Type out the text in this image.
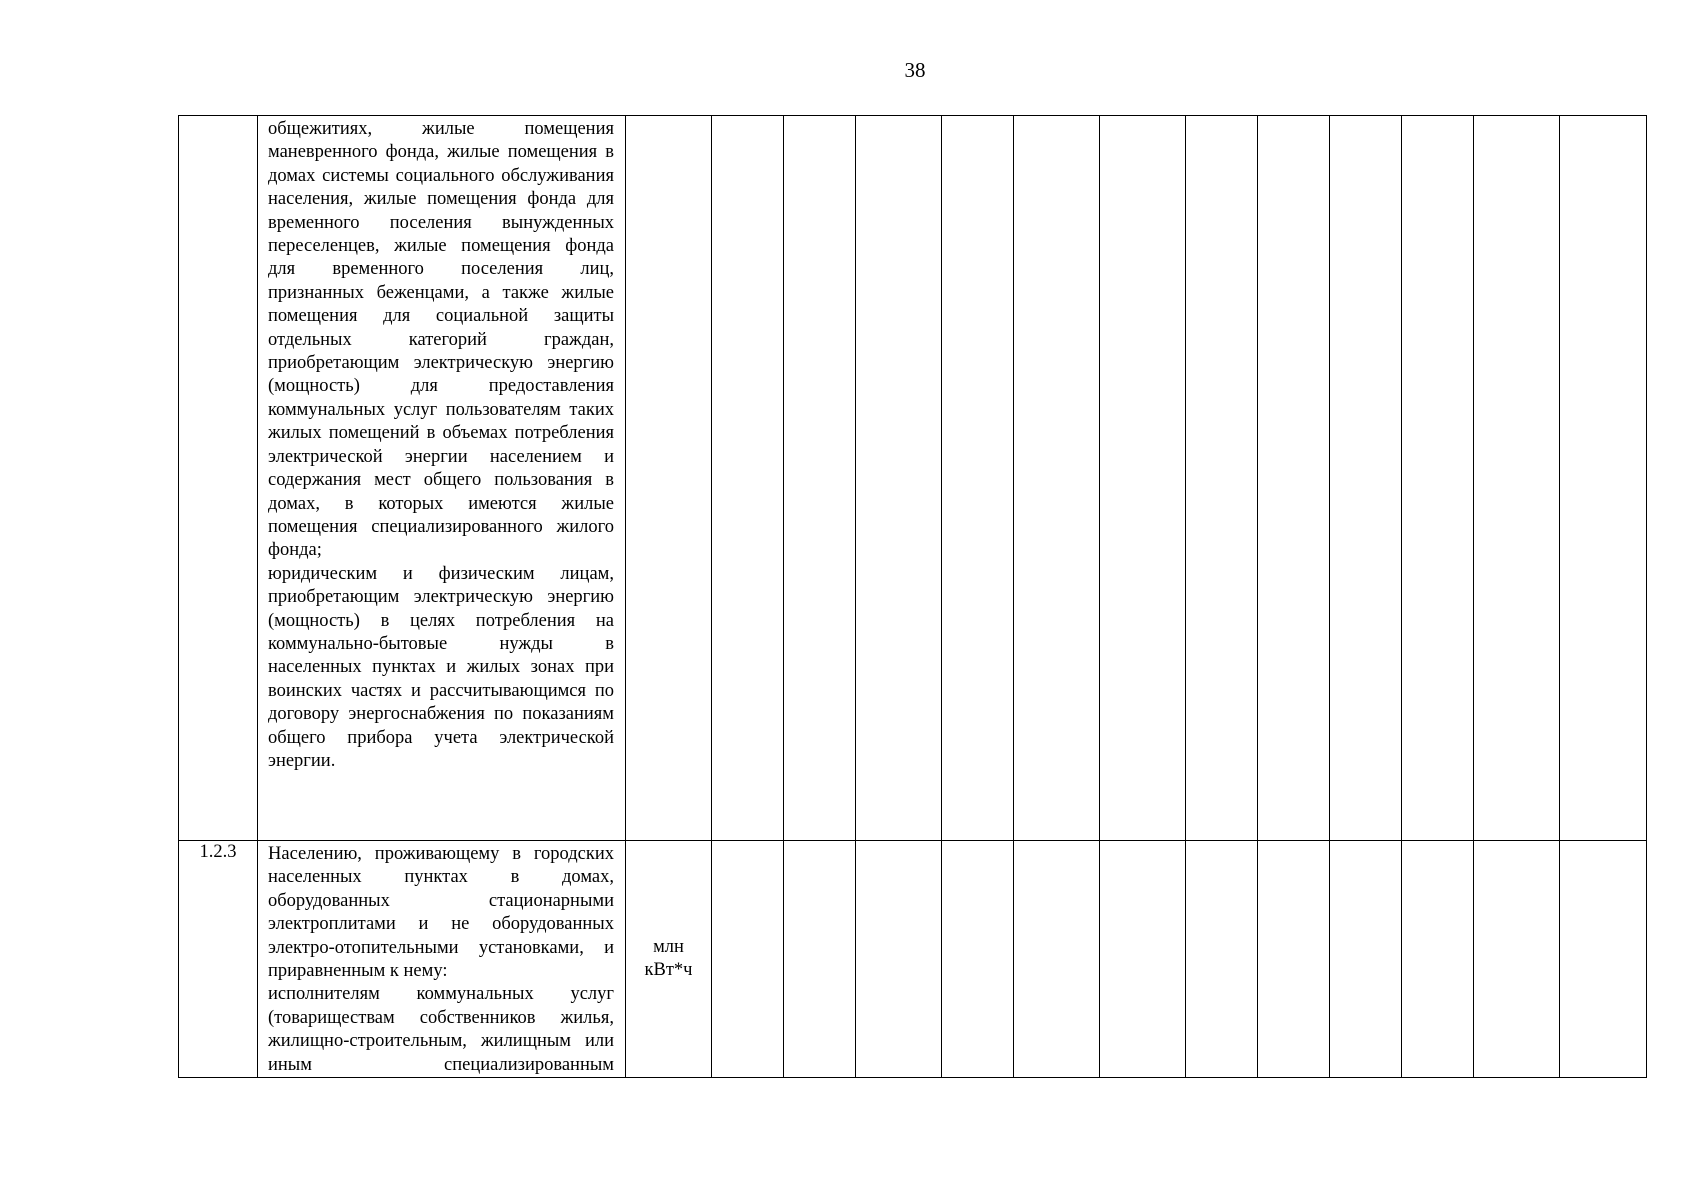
38

	общежитиях, жилые помещения маневренного фонда, жилые помещения в домах системы социального обслуживания населения, жилые помещения фонда для временного поселения вынужденных переселенцев, жилые помещения фонда для временного поселения лиц, признанных беженцами, а также жилые помещения для социальной защиты отдельных категорий граждан, приобретающим электрическую энергию (мощность) для предоставления коммунальных услуг пользователям таких жилых помещений в объемах потребления электрической энергии населением и содержания мест общего пользования в домах, в которых имеются жилые помещения специализированного жилого фонда;
юридическим и физическим лицам, приобретающим электрическую энергию (мощность) в целях потребления на коммунально-бытовые нужды в населенных пунктах и жилых зонах при воинских частях и рассчитывающимся по договору энергоснабжения по показаниям общего прибора учета электрической энергии.													

1.2.3	Населению, проживающему в городских населенных пунктах в домах, оборудованных стационарными электроплитами и не оборудованных электро-отопительными установками, и приравненным к нему:
исполнителям коммунальных услуг (товариществам собственников жилья, жилищно-строительным, жилищным или иным специализированным	млн
кВт*ч												
